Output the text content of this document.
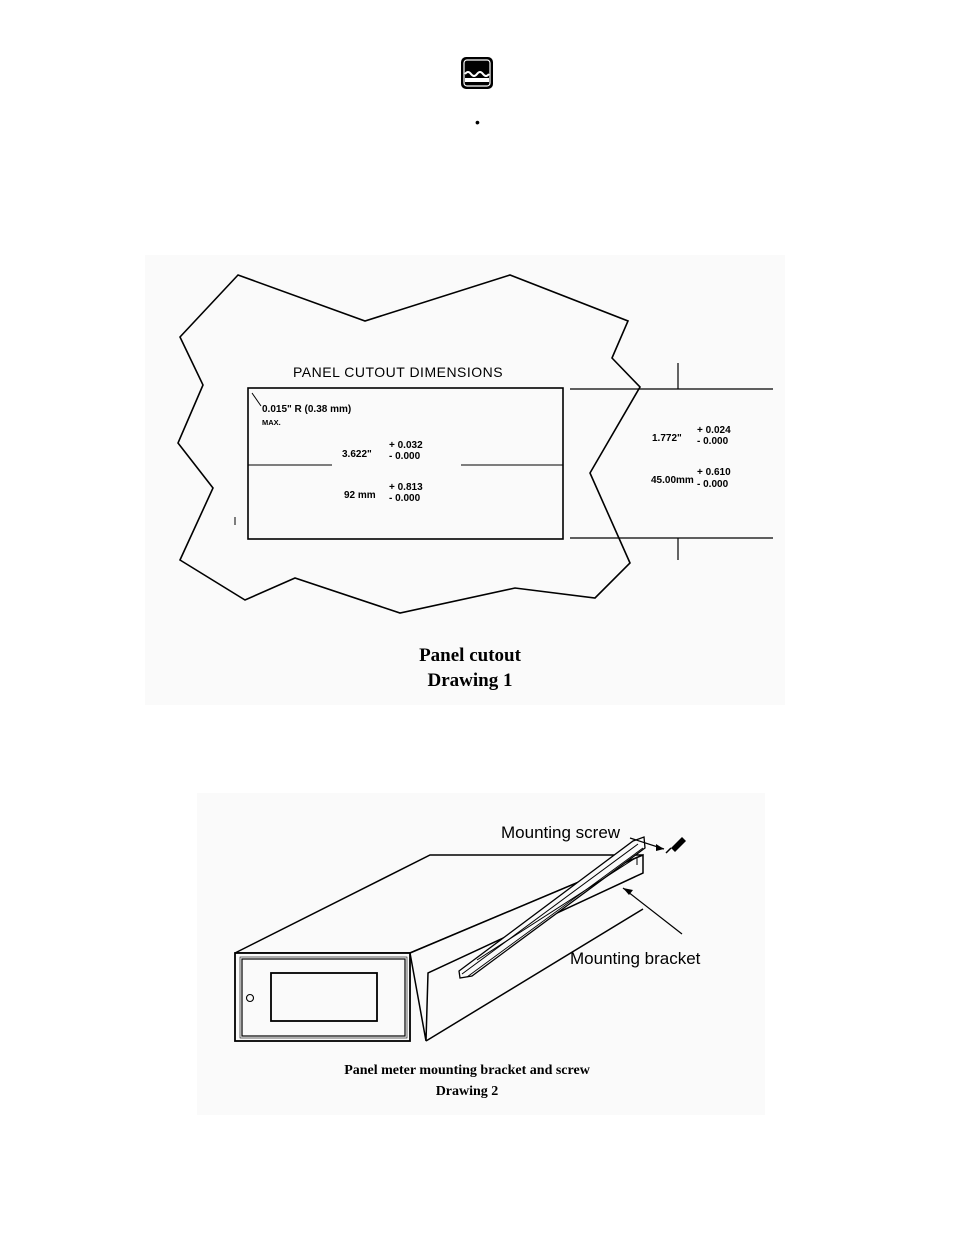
•
PANEL CUTOUT DIMENSIONS
0.015" R (0.38 mm)
MAX.
3.622"
+ 0.032
- 0.000
92 mm
+ 0.813
- 0.000
1.772"
+ 0.024
- 0.000
45.00mm
+ 0.610
- 0.000
Panel cutout
Drawing 1
Mounting screw
Mounting bracket
Panel meter mounting bracket and screw
Drawing 2
